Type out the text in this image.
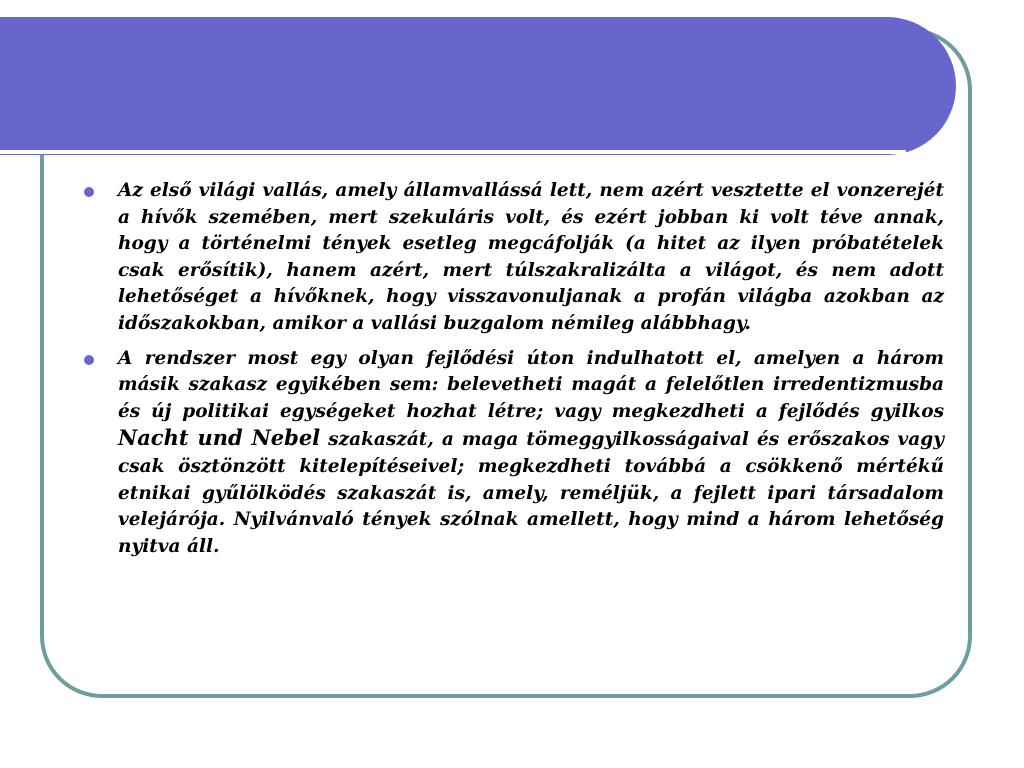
Az első világi vallás, amely államvallássá lett, nem azért vesztette el vonzerejét a hívők szemében, mert szekuláris volt, és ezért jobban ki volt téve annak, hogy a történelmi tények esetleg megcáfolják (a hitet az ilyen próbatételek csak erősítik), hanem azért, mert túlszakralizálta a világot, és nem adott lehetőséget a hívőknek, hogy visszavonuljanak a profán világba azokban az időszakokban, amikor a vallási buzgalom némileg alábbhagy.

A rendszer most egy olyan fejlődési úton indulhatott el, amelyen a három másik szakasz egyikében sem: belevetheti magát a felelőtlen irredentizmusba és új politikai egységeket hozhat létre; vagy megkezdheti a fejlődés gyilkos Nacht und Nebel szakaszát, a maga tömeggyilkosságaival és erőszakos vagy csak ösztönzött kitelepítéseivel; megkezdheti továbbá a csökkenő mértékű etnikai gyűlölködés szakaszát is, amely, reméljük, a fejlett ipari társadalom velejárója. Nyilvánvaló tények szólnak amellett, hogy mind a három lehetőség nyitva áll.
